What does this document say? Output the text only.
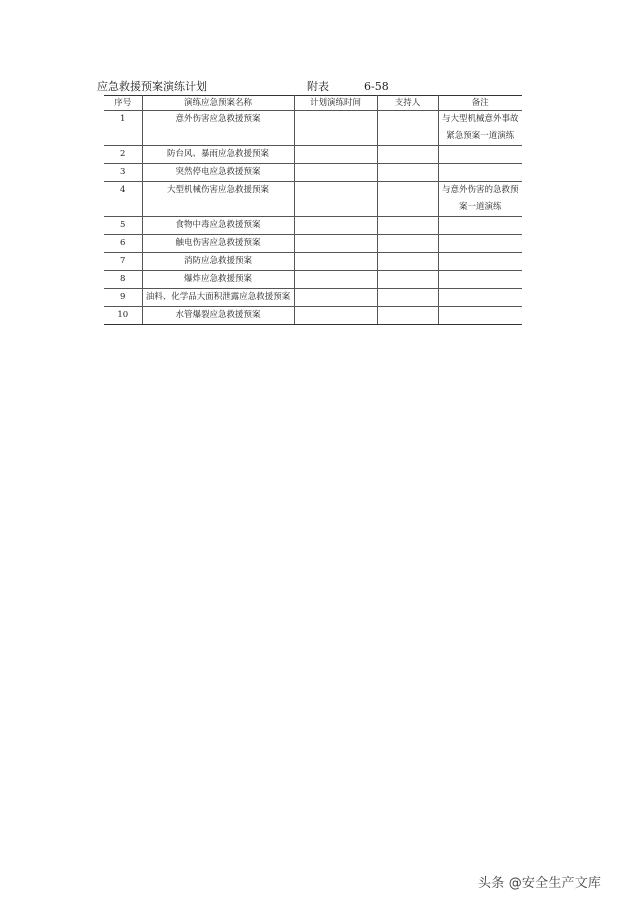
应急救援预案演练计划	附表	6-58
序号	演练应急预案名称	计划演练时间	支持人	备注
1	意外伤害应急救援预案			与大型机械意外事故紧急预案一道演练
2	防台风、暴雨应急救援预案			
3	突然停电应急救援预案			
4	大型机械伤害应急救援预案			与意外伤害的急救预案一道演练
5	食物中毒应急救援预案			
6	触电伤害应急救援预案			
7	消防应急救援预案			
8	爆炸应急救援预案			
9	油料、化学品大面积泄露应急救援预案			
10	水管爆裂应急救援预案			
头条 @安全生产文库
